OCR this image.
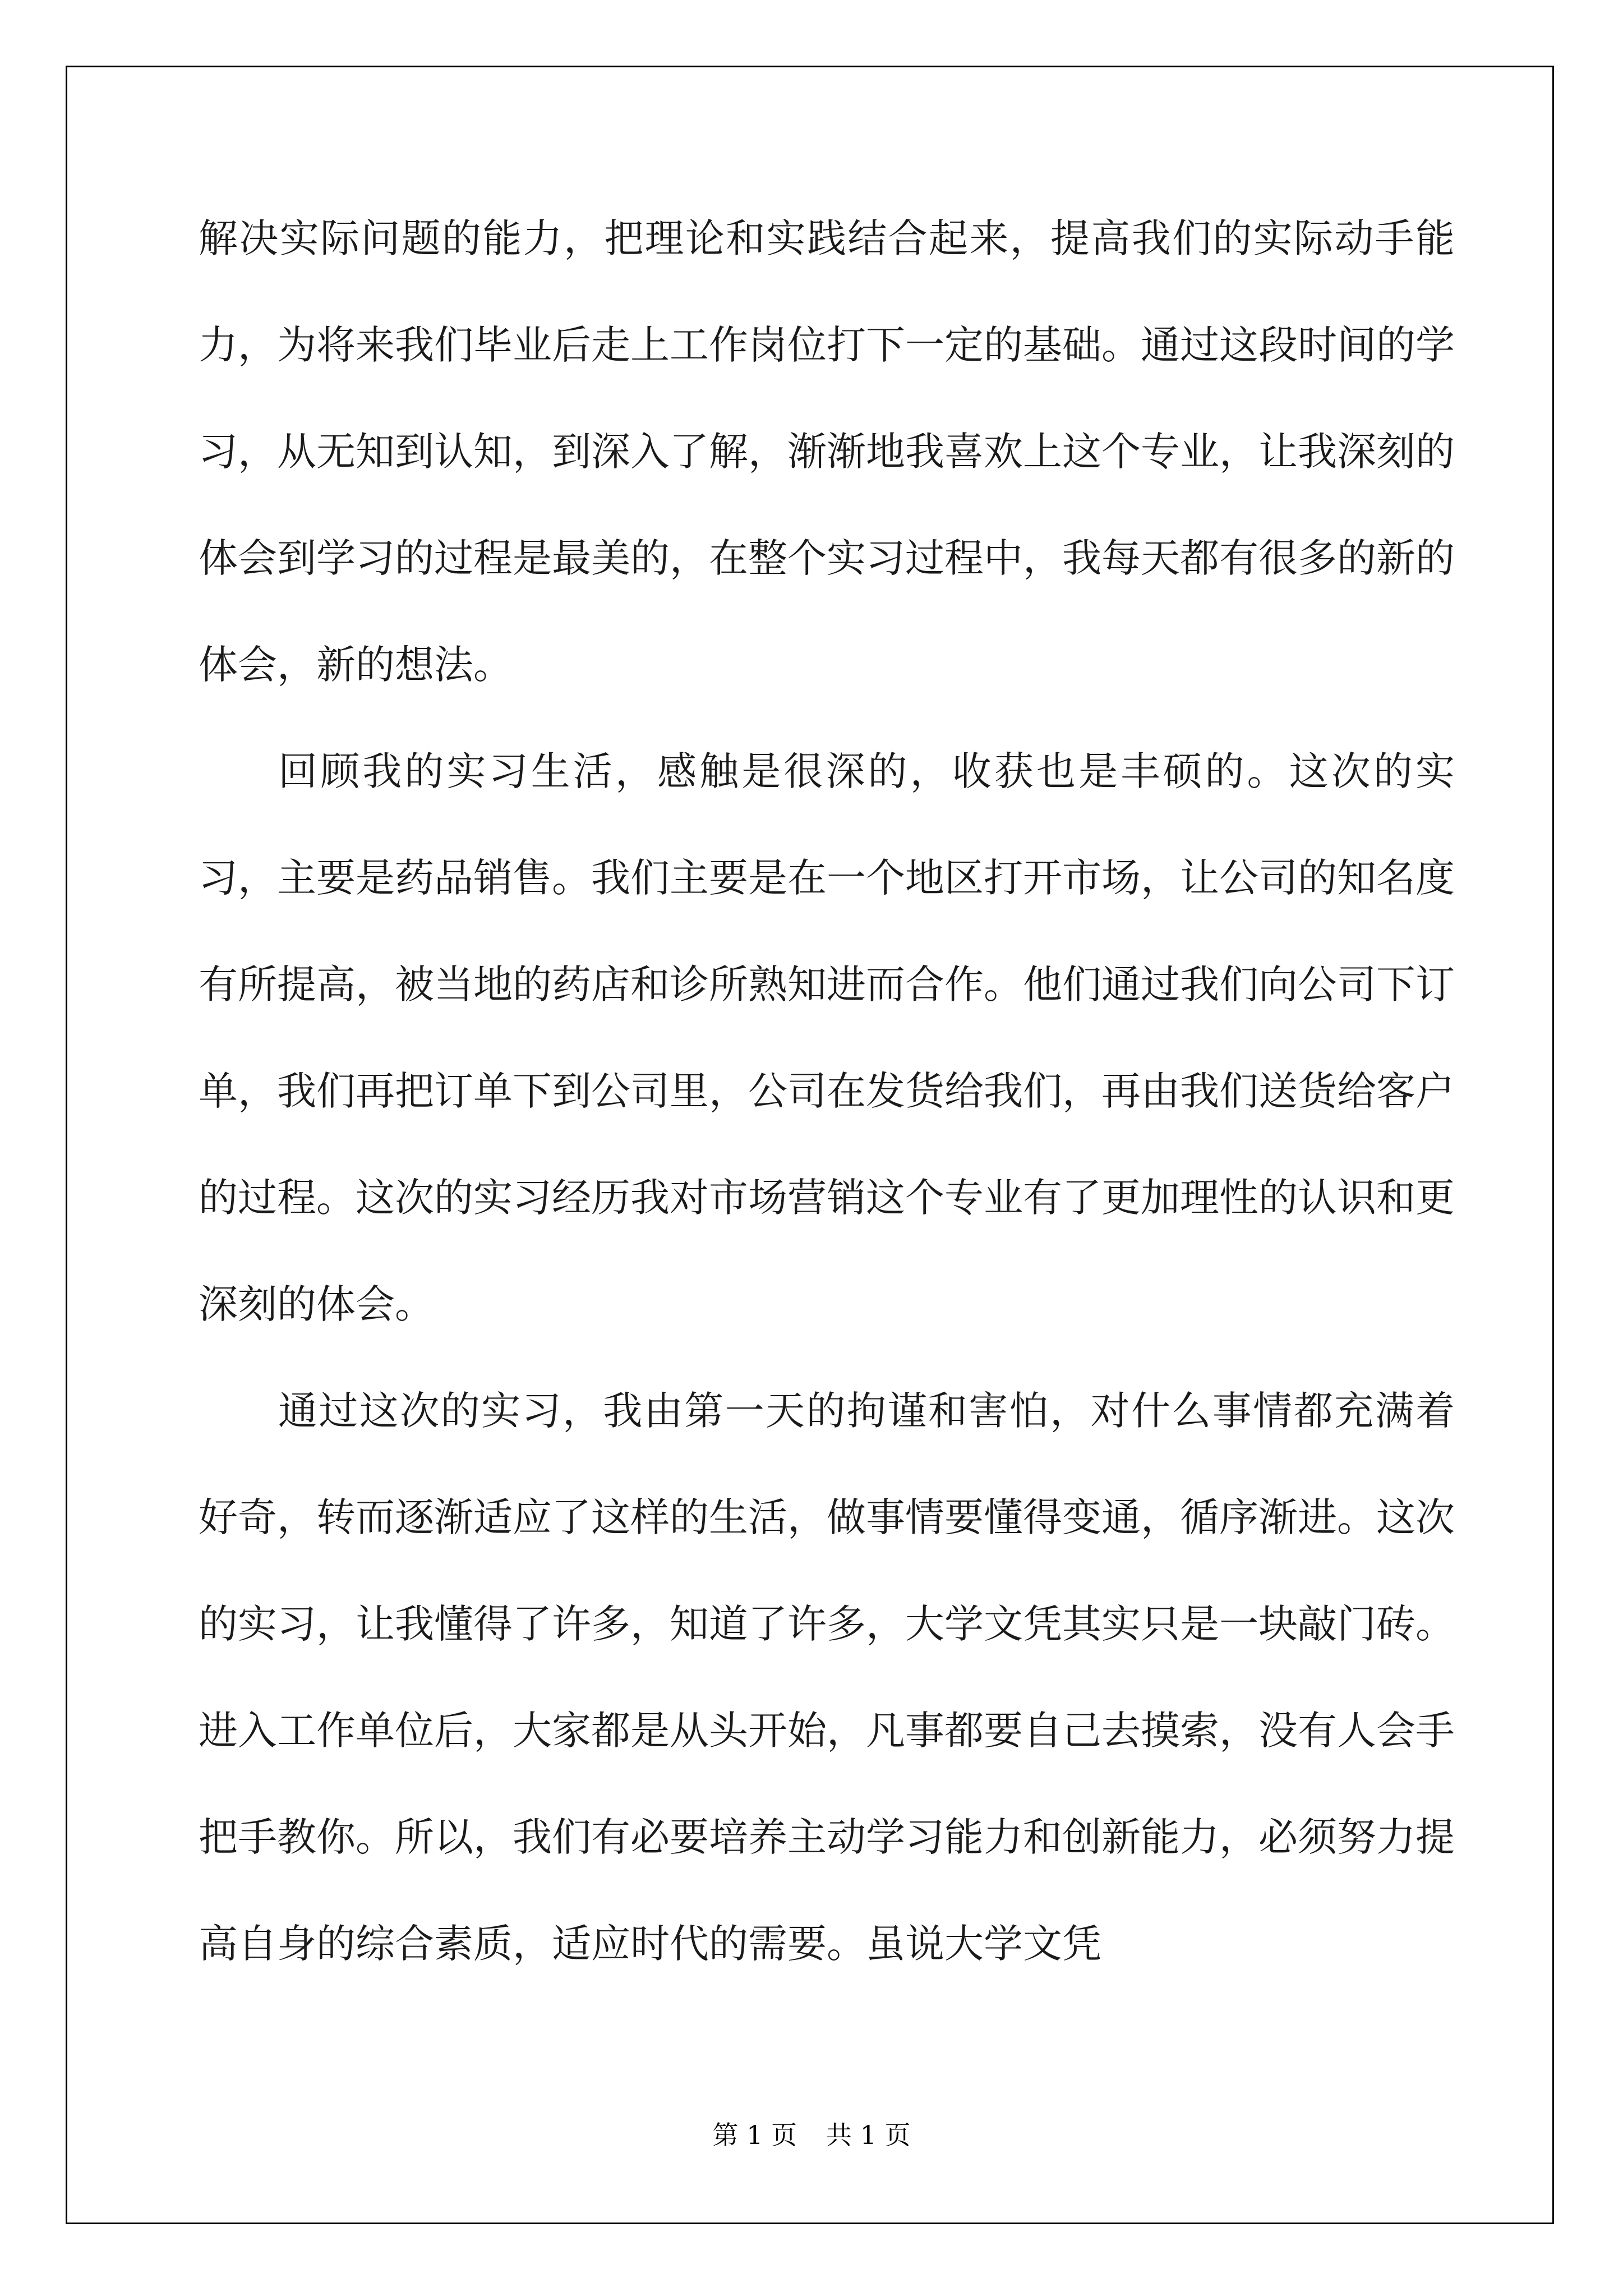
解决实际问题的能力，把理论和实践结合起来，提高我们的实际动手能力，为将来我们毕业后走上工作岗位打下一定的基础。通过这段时间的学习，从无知到认知，到深入了解，渐渐地我喜欢上这个专业，让我深刻的体会到学习的过程是最美的，在整个实习过程中，我每天都有很多的新的体会，新的想法。

回顾我的实习生活，感触是很深的，收获也是丰硕的。这次的实习，主要是药品销售。我们主要是在一个地区打开市场，让公司的知名度有所提高，被当地的药店和诊所熟知进而合作。他们通过我们向公司下订单，我们再把订单下到公司里，公司在发货给我们，再由我们送货给客户的过程。这次的实习经历我对市场营销这个专业有了更加理性的认识和更深刻的体会。

通过这次的实习，我由第一天的拘谨和害怕，对什么事情都充满着好奇，转而逐渐适应了这样的生活，做事情要懂得变通，循序渐进。这次的实习，让我懂得了许多，知道了许多，大学文凭其实只是一块敲门砖。进入工作单位后，大家都是从头开始，凡事都要自己去摸索，没有人会手把手教你。所以，我们有必要培养主动学习能力和创新能力，必须努力提高自身的综合素质，适应时代的需要。虽说大学文凭

第 1 页 共 1 页
